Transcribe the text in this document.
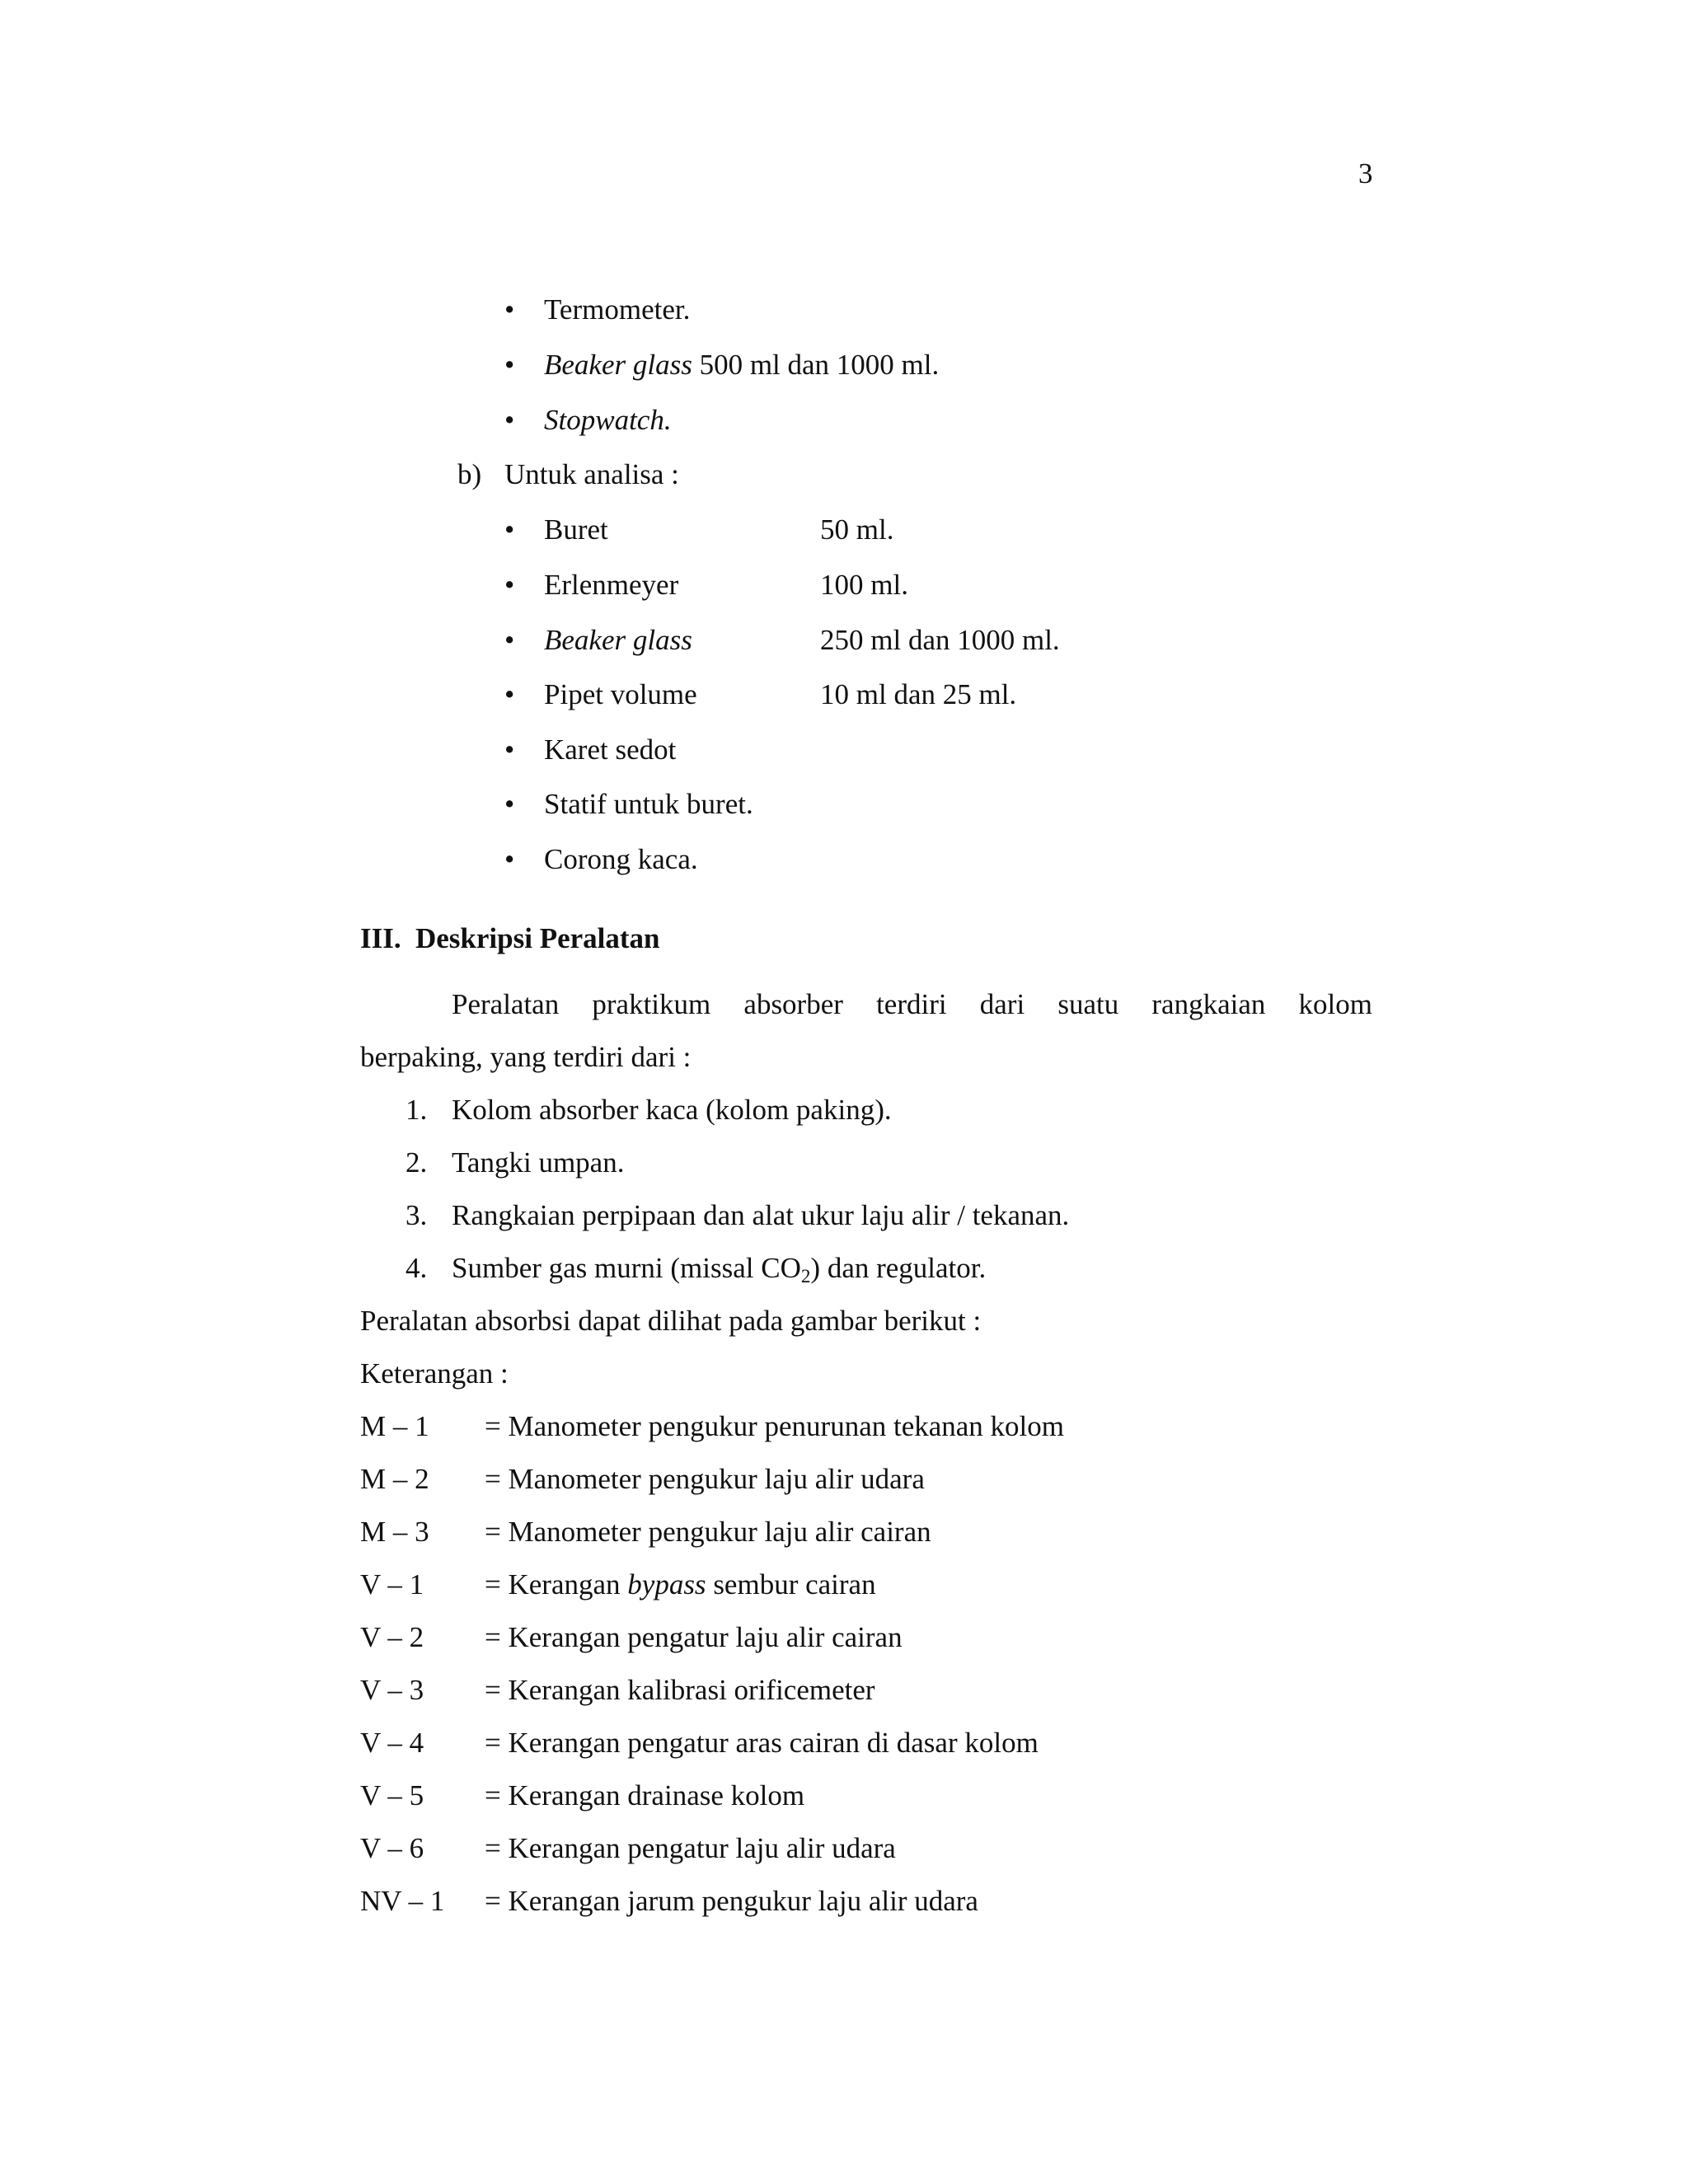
3
• Termometer.
• Beaker glass 500 ml dan 1000 ml.
• Stopwatch.
b) Untuk analisa :
• Buret	50 ml.
• Erlenmeyer	100 ml.
• Beaker glass	250 ml dan 1000 ml.
• Pipet volume	10 ml dan 25 ml.
• Karet sedot
• Statif untuk buret.
• Corong kaca.
III. Deskripsi Peralatan
Peralatan praktikum absorber terdiri dari suatu rangkaian kolom
berpaking, yang terdiri dari :
1. Kolom absorber kaca (kolom paking).
2. Tangki umpan.
3. Rangkaian perpipaan dan alat ukur laju alir / tekanan.
4. Sumber gas murni (missal $CO_2$) dan regulator.
Peralatan absorbsi dapat dilihat pada gambar berikut :
Keterangan :
M – 1 = Manometer pengukur penurunan tekanan kolom
M – 2 = Manometer pengukur laju alir udara
M – 3 = Manometer pengukur laju alir cairan
V – 1 = Kerangan bypass sembur cairan
V – 2 = Kerangan pengatur laju alir cairan
V – 3 = Kerangan kalibrasi orificemeter
V – 4 = Kerangan pengatur aras cairan di dasar kolom
V – 5 = Kerangan drainase kolom
V – 6 = Kerangan pengatur laju alir udara
NV – 1 = Kerangan jarum pengukur laju alir udara
